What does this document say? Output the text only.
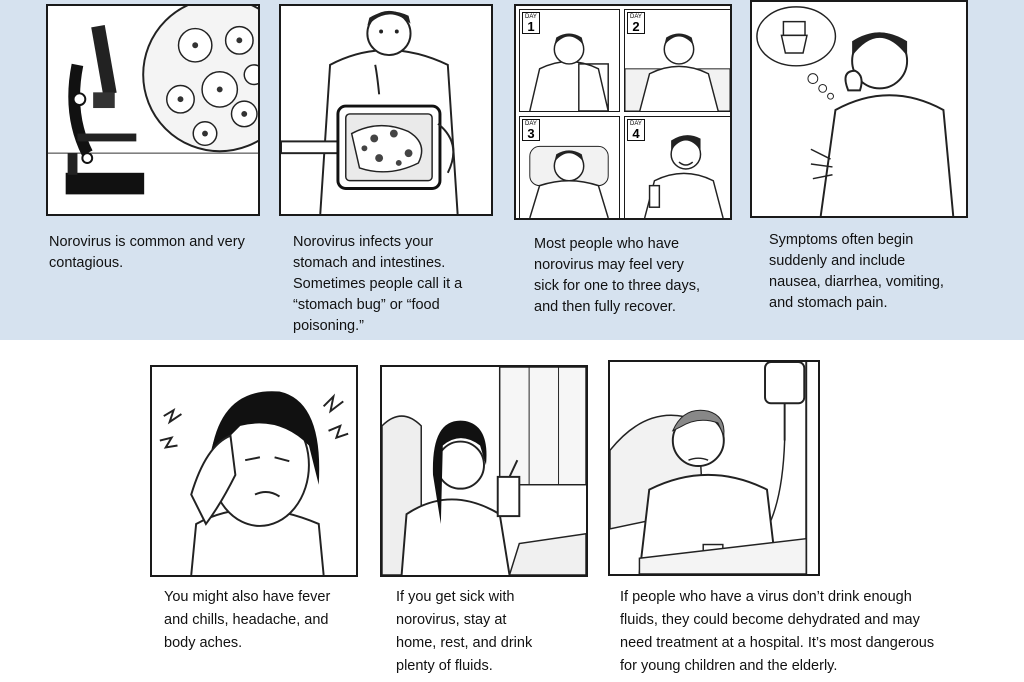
DAY
1
DAY
2
DAY
3
DAY
4

Norovirus is common and very
contagious.

Norovirus infects your
stomach and intestines.
Sometimes people call it a
“stomach bug” or “food
poisoning.”

Most people who have
norovirus may feel very
sick for one to three days,
and then fully recover.

Symptoms often begin
suddenly and include
nausea, diarrhea, vomiting,
and stomach pain.

You might also have fever
and chills, headache, and
body aches.

If you get sick with
norovirus, stay at
home, rest, and drink
plenty of fluids.

If people who have a virus don’t drink enough
fluids, they could become dehydrated and may
need treatment at a hospital. It’s most dangerous
for young children and the elderly.
